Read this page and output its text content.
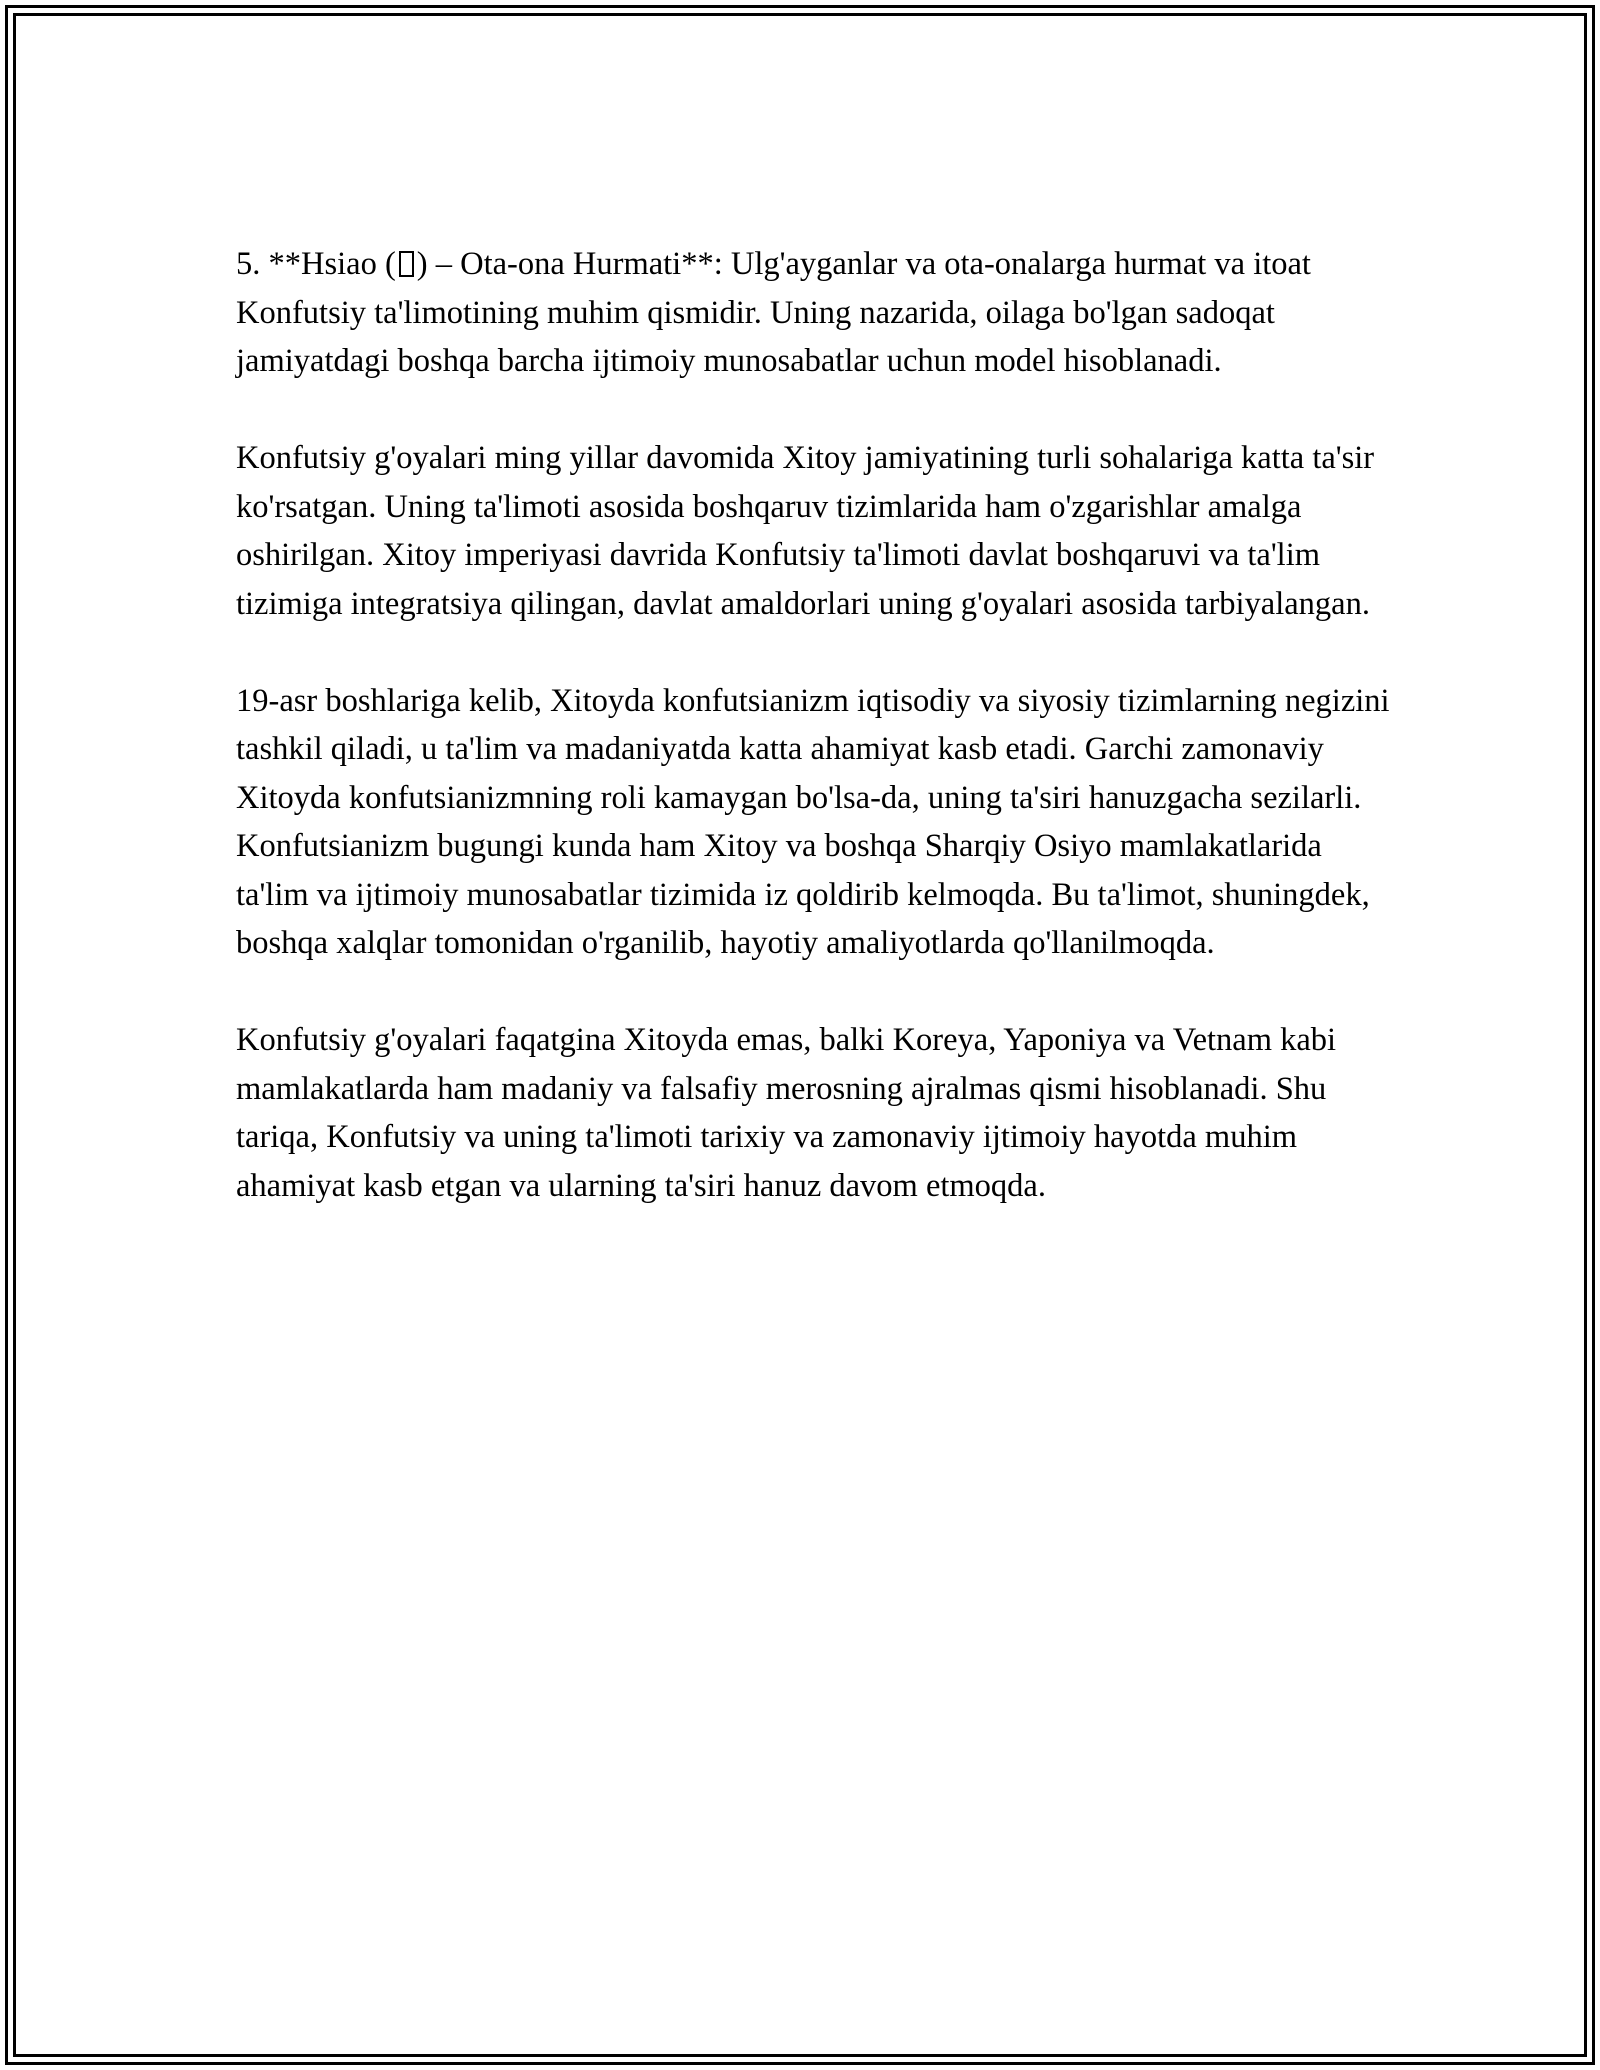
5. **Hsiao ( ) – Ota-ona Hurmati**: Ulg'ayganlar va ota-onalarga hurmat va itoat Konfutsiy ta'limotining muhim qismidir. Uning nazarida, oilaga bo'lgan sadoqat jamiyatdagi boshqa barcha ijtimoiy munosabatlar uchun model hisoblanadi.

Konfutsiy g'oyalari ming yillar davomida Xitoy jamiyatining turli sohalariga katta ta'sir ko'rsatgan. Uning ta'limoti asosida boshqaruv tizimlarida ham o'zgarishlar amalga oshirilgan. Xitoy imperiyasi davrida Konfutsiy ta'limoti davlat boshqaruvi va ta'lim tizimiga integratsiya qilingan, davlat amaldorlari uning g'oyalari asosida tarbiyalangan.

19-asr boshlariga kelib, Xitoyda konfutsianizm iqtisodiy va siyosiy tizimlarning negizini tashkil qiladi, u ta'lim va madaniyatda katta ahamiyat kasb etadi. Garchi zamonaviy Xitoyda konfutsianizmning roli kamaygan bo'lsa-da, uning ta'siri hanuzgacha sezilarli. Konfutsianizm bugungi kunda ham Xitoy va boshqa Sharqiy Osiyo mamlakatlarida ta'lim va ijtimoiy munosabatlar tizimida iz qoldirib kelmoqda. Bu ta'limot, shuningdek, boshqa xalqlar tomonidan o'rganilib, hayotiy amaliyotlarda qo'llanilmoqda.

Konfutsiy g'oyalari faqatgina Xitoyda emas, balki Koreya, Yaponiya va Vetnam kabi mamlakatlarda ham madaniy va falsafiy merosning ajralmas qismi hisoblanadi. Shu tariqa, Konfutsiy va uning ta'limoti tarixiy va zamonaviy ijtimoiy hayotda muhim ahamiyat kasb etgan va ularning ta'siri hanuz davom etmoqda.
